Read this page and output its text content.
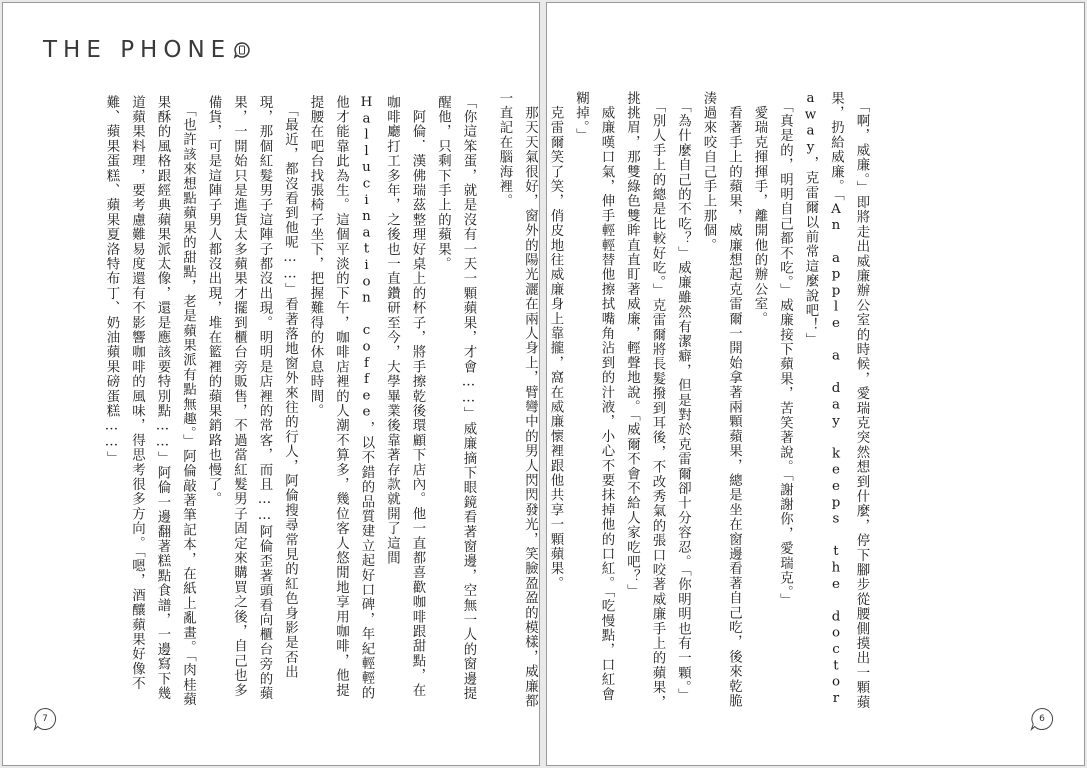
THE PHONE
「你這笨蛋，就是沒有一天一顆蘋果，才會……」威廉摘下眼鏡看著窗邊，空無一人的窗邊提醒他，只剩下手上的蘋果。
　阿倫．漢佛瑞茲整理好桌上的杯子，將手擦乾後環顧下店內。他一直都喜歡咖啡跟甜點，在咖啡廳打工多年，之後也一直鑽研至今，大學畢業後靠著存款就開了這間 Hallucination coffee，以不錯的品質建立起好口碑，年紀輕輕的他才能靠此為生。這個平淡的下午，咖啡店裡的人潮不算多，幾位客人悠閒地享用咖啡，他提提腰在吧台找張椅子坐下，把握難得的休息時間。
　「最近，都沒看到他呢……」看著落地窗外來往的行人，阿倫搜尋常見的紅色身影是否出現，那個紅髮男子這陣子都沒出現。明明是店裡的常客，而且……阿倫歪著頭看向櫃台旁的蘋果，一開始只是進貨太多蘋果才擺到櫃台旁販售，不過當紅髮男子固定來購買之後，自己也多備貨，可是這陣子男人都沒出現，堆在籃裡的蘋果銷路也慢了。
　「也許該來想點蘋果的甜點，老是蘋果派有點無趣。」阿倫敲著筆記本，在紙上亂畫。「肉桂蘋果酥的風格跟經典蘋果派太像，還是應該要特別點……」阿倫一邊翻著糕點食譜，一邊寫下幾道蘋果料理，要考慮難易度還有不影響咖啡的風味，得思考很多方向。「嗯，酒釀蘋果好像不難、蘋果蛋糕、蘋果夏洛特布丁、奶油蘋果磅蛋糕……」
7
　「啊，威廉。」即將走出威廉辦公室的時候，愛瑞克突然想到什麼，停下腳步從腰側摸出一顆蘋果，扔給威廉。「An apple a day keeps the doctor away，克雷爾以前常這麼說吧！」
　「真是的，明明自己都不吃。」威廉接下蘋果，苦笑著說。「謝謝你，愛瑞克。」
　愛瑞克揮揮手，離開他的辦公室。
　看著手上的蘋果，威廉想起克雷爾一開始拿著兩顆蘋果，總是坐在窗邊看著自己吃，後來乾脆湊過來咬自己手上那個。
　「為什麼自己的不吃？」威廉雖然有潔癖，但是對於克雷爾卻十分容忍。「你明明也有一顆。」
　「別人手上的總是比較好吃。」克雷爾將長髮撥到耳後，不改秀氣的張口咬著威廉手上的蘋果，挑挑眉，那雙綠色雙眸直直盯著威廉，輕聲地說。「威爾不會不給人家吃吧？」
　威廉嘆口氣，伸手輕輕替他擦拭嘴角沾到的汁液，小心不要抹掉他的口紅。「吃慢點，口紅會糊掉。」
　克雷爾笑了笑，俏皮地往威廉身上靠攏，窩在威廉懷裡跟他共享一顆蘋果。
　那天天氣很好，窗外的陽光灑在兩人身上，臂彎中的男人閃閃發光，笑臉盈盈的模樣，威廉都一直記在腦海裡。
6
